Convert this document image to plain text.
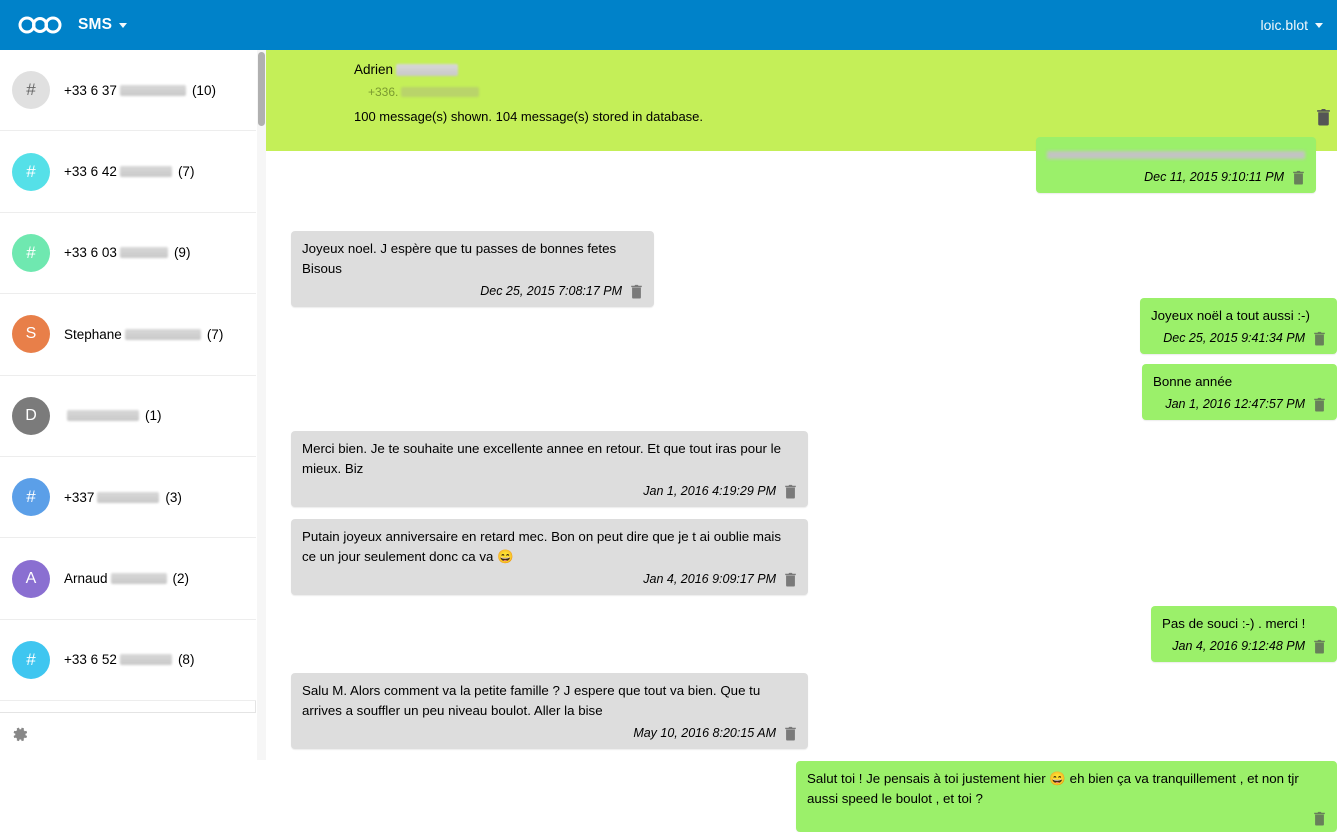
SMS	loic.blot
#	+33 6 37	(10)
#	+33 6 42	(7)
#	+33 6 03	(9)
S	Stephane	(7)
D	(1)
#	+337	(3)
A	Arnaud	(2)
#	+33 6 52	(8)
Adrien
+336.
100 message(s) shown. 104 message(s) stored in database.
Dec 11, 2015 9:10:11 PM
Joyeux noel. J espère que tu passes de bonnes fetes Bisous
Dec 25, 2015 7:08:17 PM
Joyeux noël a tout aussi :-)
Dec 25, 2015 9:41:34 PM
Bonne année
Jan 1, 2016 12:47:57 PM
Merci bien. Je te souhaite une excellente annee en retour. Et que tout iras pour le mieux. Biz
Jan 1, 2016 4:19:29 PM
Putain joyeux anniversaire en retard mec. Bon on peut dire que je t ai oublie mais ce un jour seulement donc ca va 😄
Jan 4, 2016 9:09:17 PM
Pas de souci :-) . merci !
Jan 4, 2016 9:12:48 PM
Salu M. Alors comment va la petite famille ? J espere que tout va bien. Que tu arrives a souffler un peu niveau boulot. Aller la bise
May 10, 2016 8:20:15 AM
Salut toi ! Je pensais à toi justement hier 😄 eh bien ça va tranquillement , et non tjr aussi speed le boulot , et toi ?
